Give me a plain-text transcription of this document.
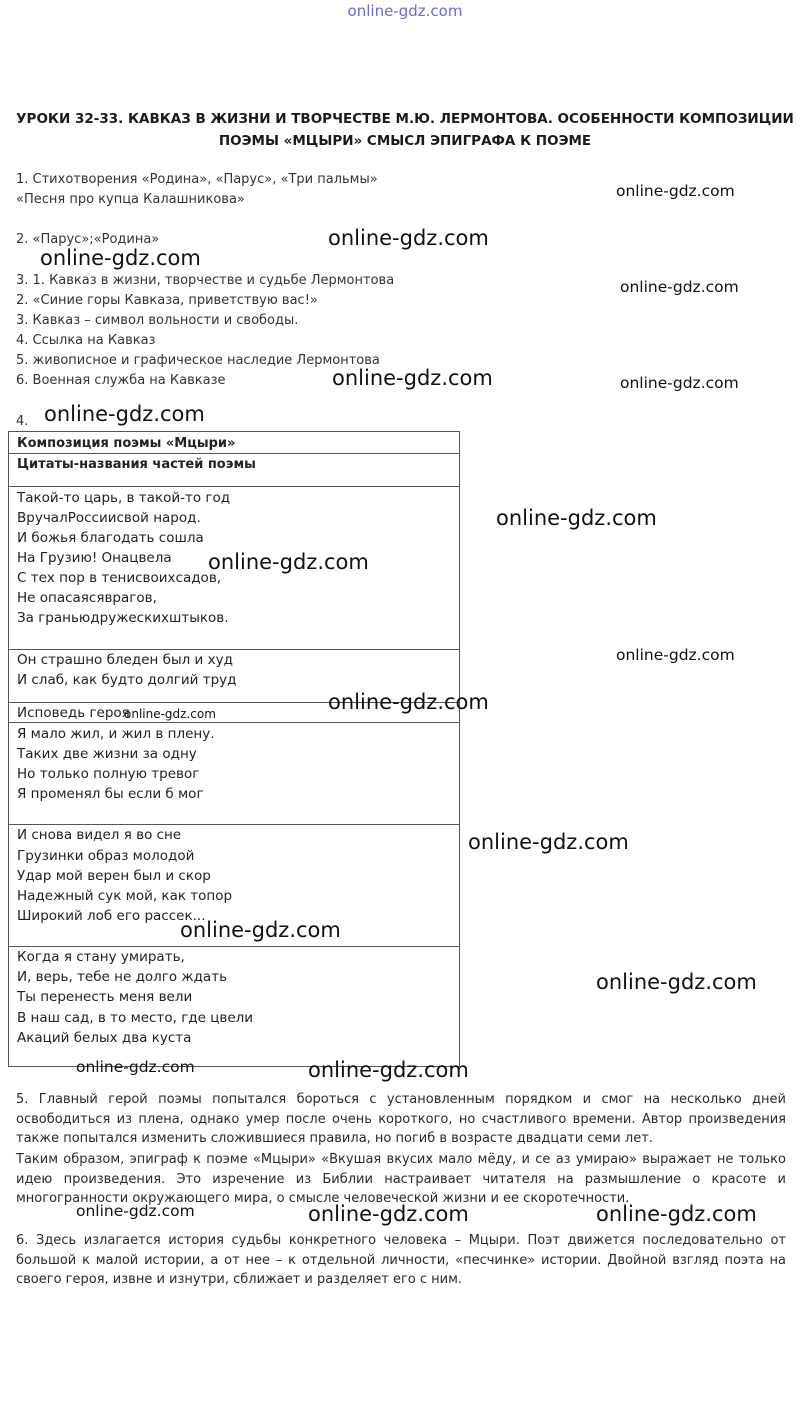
online-gdz.com
УРОКИ 32-33. КАВКАЗ В ЖИЗНИ И ТВОРЧЕСТВЕ М.Ю. ЛЕРМОНТОВА. ОСОБЕННОСТИ КОМПОЗИЦИИ ПОЭМЫ «МЦЫРИ» СМЫСЛ ЭПИГРАФА К ПОЭМЕ
1. Стихотворения «Родина», «Парус», «Три пальмы»
«Песня про купца Калашникова»
2. «Парус»;«Родина»
3. 1. Кавказ в жизни, творчестве и судьбе Лермонтова
2. «Синие горы Кавказа, приветствую вас!»
3. Кавказ – символ вольности и свободы.
4. Ссылка на Кавказ
5. живописное и графическое наследие Лермонтова
6. Военная служба на Кавказе
4.
Композиция поэмы «Мцыри»
Цитаты-названия частей поэмы
Такой-то царь, в такой-то год
ВручалРоссиисвой народ.
И божья благодать сошла
На Грузию! Онацвела
С тех пор в тенисвоихсадов,
Не опасаясяврагов,
За граньюдружескихштыков.
Он страшно бледен был и худ
И слаб, как будто долгий труд
Исповедь героя
Я мало жил, и жил в плену.
Таких две жизни за одну
Но только полную тревог
Я променял бы если б мог
И снова видел я во сне
Грузинки образ молодой
Удар мой верен был и скор
Надежный сук мой, как топор
Широкий лоб его рассек...
Когда я стану умирать,
И, верь, тебе не долго ждать
Ты перенесть меня вели
В наш сад, в то место, где цвели
Акаций белых два куста
5. Главный герой поэмы попытался бороться с установленным порядком и смог на несколько дней освободиться из плена, однако умер после очень короткого, но счастливого времени. Автор произведения также попытался изменить сложившиеся правила, но погиб в возрасте двадцати семи лет.
Таким образом, эпиграф к поэме «Мцыри» «Вкушая вкусих мало мёду, и се аз умираю» выражает не только идею произведения. Это изречение из Библии настраивает читателя на размышление о красоте и многогранности окружающего мира, о смысле человеческой жизни и ее скоротечности.
6. Здесь излагается история судьбы конкретного человека – Мцыри. Поэт движется последовательно от большой к малой истории, а от нее – к отдельной личности, «песчинке» истории. Двойной взгляд поэта на своего героя, извне и изнутри, сближает и разделяет его с ним.
online-gdz.com
online-gdz.com
online-gdz.com
online-gdz.com
online-gdz.com	online-gdz.com
online-gdz.com
online-gdz.com
online-gdz.com
online-gdz.com
online-gdz.com
online-gdz.com
online-gdz.com
online-gdz.com
online-gdz.com
online-gdz.com	online-gdz.com
online-gdz.com	online-gdz.com	online-gdz.com
